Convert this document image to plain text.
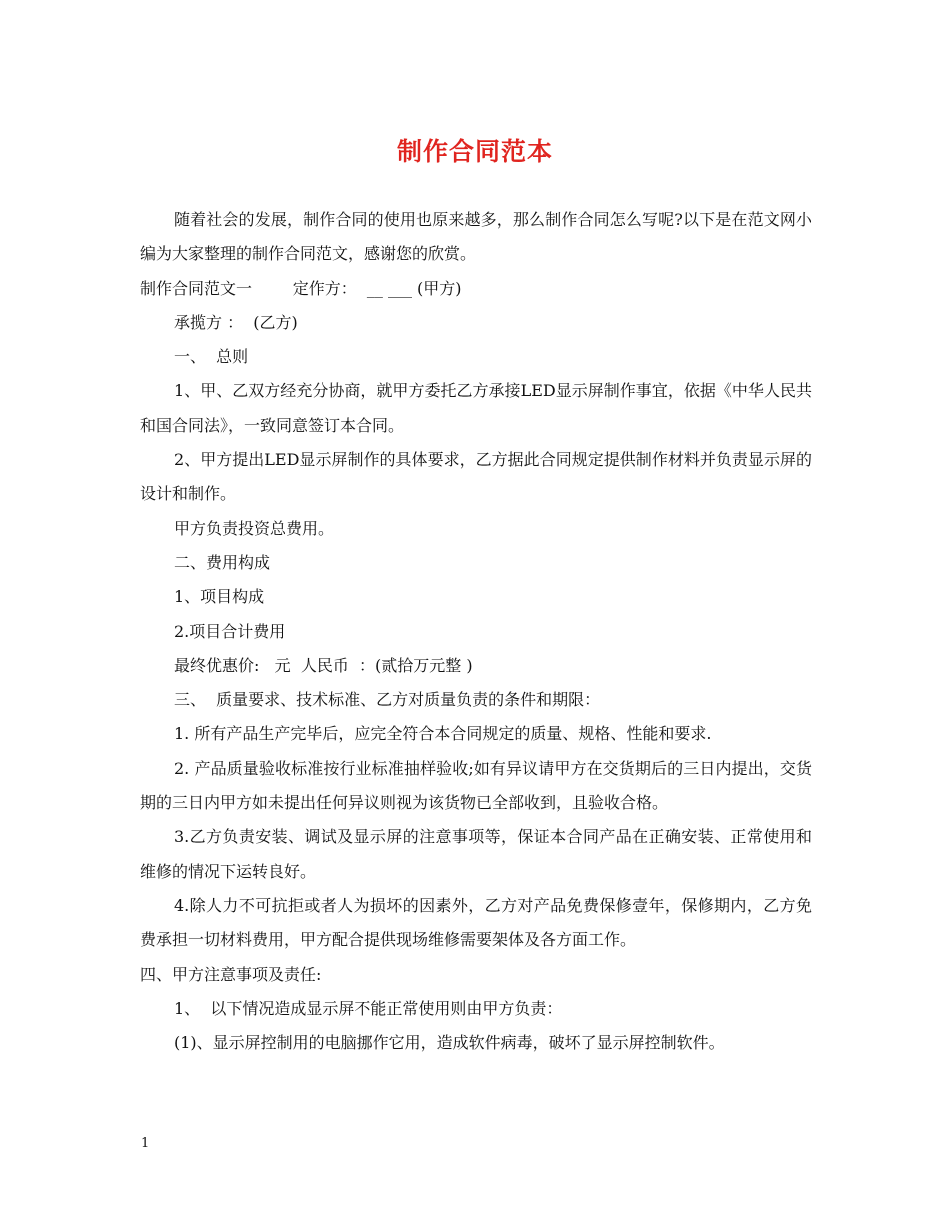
制作合同范本

随着社会的发展，制作合同的使用也原来越多，那么制作合同怎么写呢?以下是在范文网小编为大家整理的制作合同范文，感谢您的欣赏。

制作合同范文一        定作方：  __ ___ (甲方)

承揽方 ：  (乙方)

一、  总则

1、甲、乙双方经充分协商，就甲方委托乙方承接LED显示屏制作事宜，依据《中华人民共和国合同法》，一致同意签订本合同。

2、甲方提出LED显示屏制作的具体要求，乙方据此合同规定提供制作材料并负责显示屏的设计和制作。

甲方负责投资总费用。

二、费用构成

1、项目构成

2.项目合计费用

最终优惠价:   元  人民币  ：(贰拾万元整 )

三、  质量要求、技术标准、乙方对质量负责的条件和期限：

1. 所有产品生产完毕后，应完全符合本合同规定的质量、规格、性能和要求.

2. 产品质量验收标准按行业标准抽样验收;如有异议请甲方在交货期后的三日内提出，交货期的三日内甲方如未提出任何异议则视为该货物已全部收到，且验收合格。

3.乙方负责安装、调试及显示屏的注意事项等，保证本合同产品在正确安装、正常使用和维修的情况下运转良好。

4.除人力不可抗拒或者人为损坏的因素外，乙方对产品免费保修壹年，保修期内，乙方免费承担一切材料费用，甲方配合提供现场维修需要架体及各方面工作。

四、甲方注意事项及责任:

1、  以下情况造成显示屏不能正常使用则由甲方负责：

(1)、显示屏控制用的电脑挪作它用，造成软件病毒，破坏了显示屏控制软件。

1
